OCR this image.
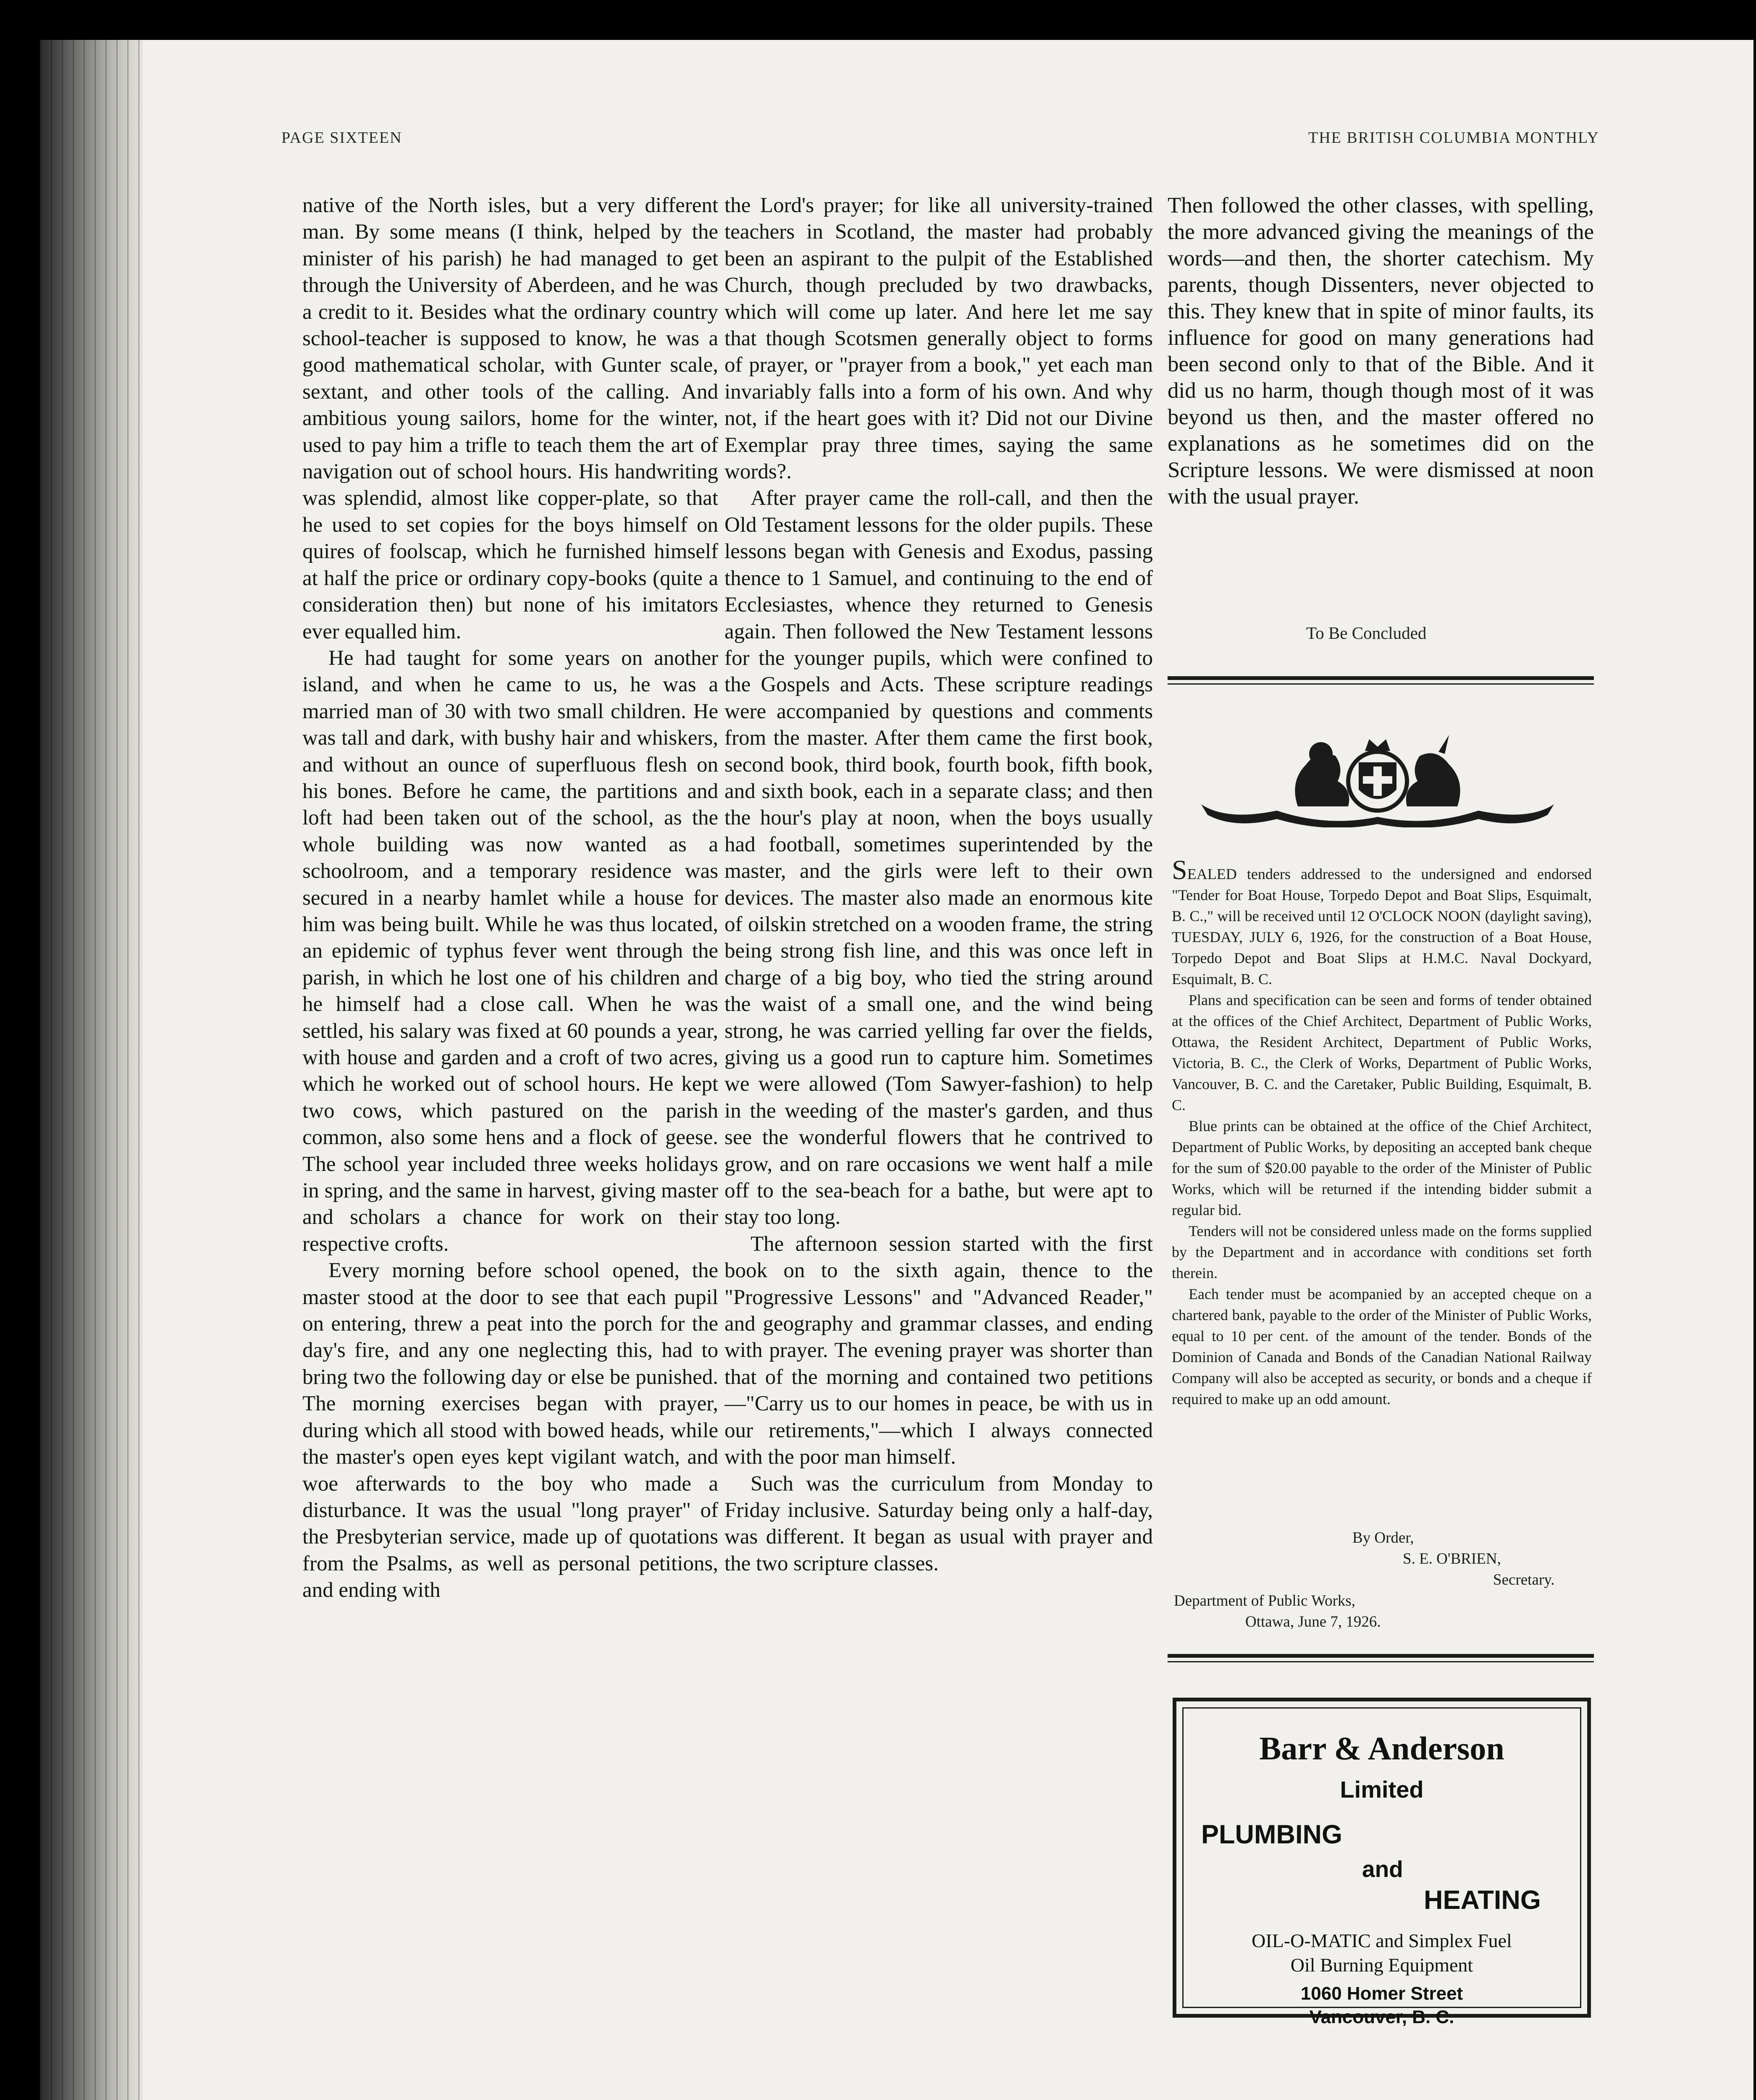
PAGE SIXTEEN	THE BRITISH COLUMBIA MONTHLY

native of the North isles, but a very different man. By some means (I think, helped by the minister of his parish) he had managed to get through the University of Aberdeen, and he was a credit to it. Besides what the ordinary country school-teacher is supposed to know, he was a good mathematical scholar, with Gunter scale, sextant, and other tools of the calling. And ambitious young sailors, home for the winter, used to pay him a trifle to teach them the art of navigation out of school hours. His handwriting was splendid, almost like copper-plate, so that he used to set copies for the boys himself on quires of foolscap, which he furnished himself at half the price or ordinary copy-books (quite a consideration then) but none of his imitators ever equalled him.

He had taught for some years on another island, and when he came to us, he was a married man of 30 with two small children. He was tall and dark, with bushy hair and whiskers, and without an ounce of superfluous flesh on his bones. Before he came, the partitions and loft had been taken out of the school, as the whole building was now wanted as a schoolroom, and a temporary residence was secured in a nearby hamlet while a house for him was being built. While he was thus located, an epidemic of typhus fever went through the parish, in which he lost one of his children and he himself had a close call. When he was settled, his salary was fixed at 60 pounds a year, with house and garden and a croft of two acres, which he worked out of school hours. He kept two cows, which pastured on the parish common, also some hens and a flock of geese. The school year included three weeks holidays in spring, and the same in harvest, giving master and scholars a chance for work on their respective crofts.

Every morning before school opened, the master stood at the door to see that each pupil on entering, threw a peat into the porch for the day's fire, and any one neglecting this, had to bring two the following day or else be punished. The morning exercises began with prayer, during which all stood with bowed heads, while the master's open eyes kept vigilant watch, and woe afterwards to the boy who made a disturbance. It was the usual "long prayer" of the Presbyterian service, made up of quotations from the Psalms, as well as personal petitions, and ending with

the Lord's prayer; for like all university-trained teachers in Scotland, the master had probably been an aspirant to the pulpit of the Established Church, though precluded by two drawbacks, which will come up later. And here let me say that though Scotsmen generally object to forms of prayer, or "prayer from a book," yet each man invariably falls into a form of his own. And why not, if the heart goes with it? Did not our Divine Exemplar pray three times, saying the same words?.

After prayer came the roll-call, and then the Old Testament lessons for the older pupils. These lessons began with Genesis and Exodus, passing thence to 1 Samuel, and continuing to the end of Ecclesiastes, whence they returned to Genesis again. Then followed the New Testament lessons for the younger pupils, which were confined to the Gospels and Acts. These scripture readings were accompanied by questions and comments from the master. After them came the first book, second book, third book, fourth book, fifth book, and sixth book, each in a separate class; and then the hour's play at noon, when the boys usually had football, sometimes superintended by the master, and the girls were left to their own devices. The master also made an enormous kite of oilskin stretched on a wooden frame, the string being strong fish line, and this was once left in charge of a big boy, who tied the string around the waist of a small one, and the wind being strong, he was carried yelling far over the fields, giving us a good run to capture him. Sometimes we were allowed (Tom Sawyer-fashion) to help in the weeding of the master's garden, and thus see the wonderful flowers that he contrived to grow, and on rare occasions we went half a mile off to the sea-beach for a bathe, but were apt to stay too long.

The afternoon session started with the first book on to the sixth again, thence to the "Progressive Lessons" and "Advanced Reader," and geography and grammar classes, and ending with prayer. The evening prayer was shorter than that of the morning and contained two petitions—"Carry us to our homes in peace, be with us in our retirements,"—which I always connected with the poor man himself.

Such was the curriculum from Monday to Friday inclusive. Saturday being only a half-day, was different. It began as usual with prayer and the two scripture classes.

Then followed the other classes, with spelling, the more advanced giving the meanings of the words—and then, the shorter catechism. My parents, though Dissenters, never objected to this. They knew that in spite of minor faults, its influence for good on many generations had been second only to that of the Bible. And it did us no harm, though though most of it was beyond us then, and the master offered no explanations as he sometimes did on the Scripture lessons. We were dismissed at noon with the usual prayer.

To Be Concluded

SEALED tenders addressed to the undersigned and endorsed "Tender for Boat House, Torpedo Depot and Boat Slips, Esquimalt, B. C.," will be received until 12 O'CLOCK NOON (daylight saving), TUESDAY, JULY 6, 1926, for the construction of a Boat House, Torpedo Depot and Boat Slips at H.M.C. Naval Dockyard, Esquimalt, B. C.

Plans and specification can be seen and forms of tender obtained at the offices of the Chief Architect, Department of Public Works, Ottawa, the Resident Architect, Department of Public Works, Victoria, B. C., the Clerk of Works, Department of Public Works, Vancouver, B. C. and the Caretaker, Public Building, Esquimalt, B. C.

Blue prints can be obtained at the office of the Chief Architect, Department of Public Works, by depositing an accepted bank cheque for the sum of $20.00 payable to the order of the Minister of Public Works, which will be returned if the intending bidder submit a regular bid.

Tenders will not be considered unless made on the forms supplied by the Department and in accordance with conditions set forth therein.

Each tender must be acompanied by an accepted cheque on a chartered bank, payable to the order of the Minister of Public Works, equal to 10 per cent. of the amount of the tender. Bonds of the Dominion of Canada and Bonds of the Canadian National Railway Company will also be accepted as security, or bonds and a cheque if required to make up an odd amount.

By Order,
S. E. O'BRIEN,
Secretary.
Department of Public Works,
Ottawa, June 7, 1926.
Barr & Anderson
Limited
PLUMBING
and
HEATING
OIL-O-MATIC and Simplex Fuel
Oil Burning Equipment
1060 Homer Street
Vancouver, B. C.
